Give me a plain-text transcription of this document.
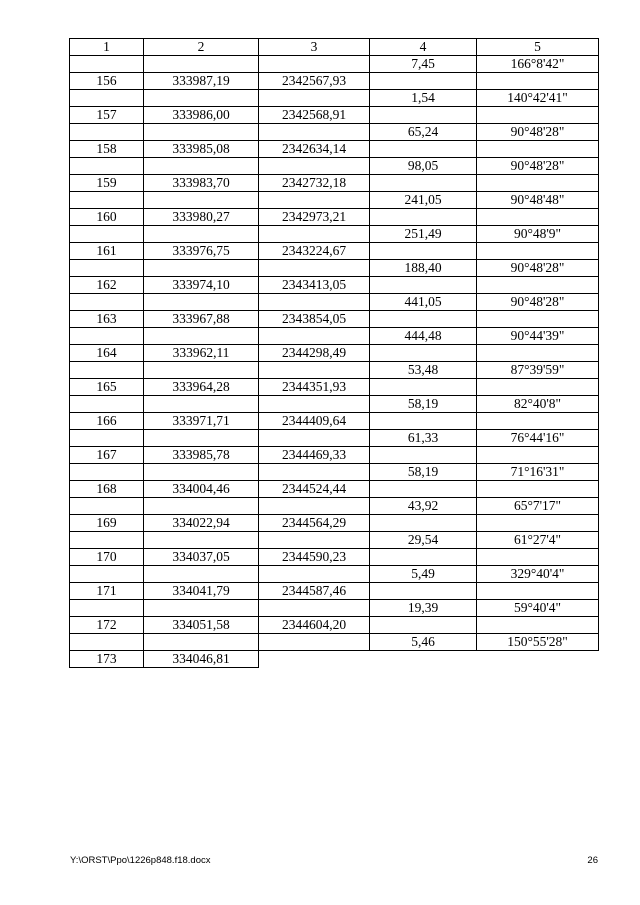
1	2	3	4	5
			7,45	166°8'42"
156	333987,19	2342567,93		
			1,54	140°42'41"
157	333986,00	2342568,91		
			65,24	90°48'28"
158	333985,08	2342634,14		
			98,05	90°48'28"
159	333983,70	2342732,18		
			241,05	90°48'48"
160	333980,27	2342973,21		
			251,49	90°48'9"
161	333976,75	2343224,67		
			188,40	90°48'28"
162	333974,10	2343413,05		
			441,05	90°48'28"
163	333967,88	2343854,05		
			444,48	90°44'39"
164	333962,11	2344298,49		
			53,48	87°39'59"
165	333964,28	2344351,93		
			58,19	82°40'8"
166	333971,71	2344409,64		
			61,33	76°44'16"
167	333985,78	2344469,33		
			58,19	71°16'31"
168	334004,46	2344524,44		
			43,92	65°7'17"
169	334022,94	2344564,29		
			29,54	61°27'4"
170	334037,05	2344590,23		
			5,49	329°40'4"
171	334041,79	2344587,46		
			19,39	59°40'4"
172	334051,58	2344604,20		
			5,46	150°55'28"
173	334046,81			
Y:\ORST\Ppo\1226p848.f18.docx	26
